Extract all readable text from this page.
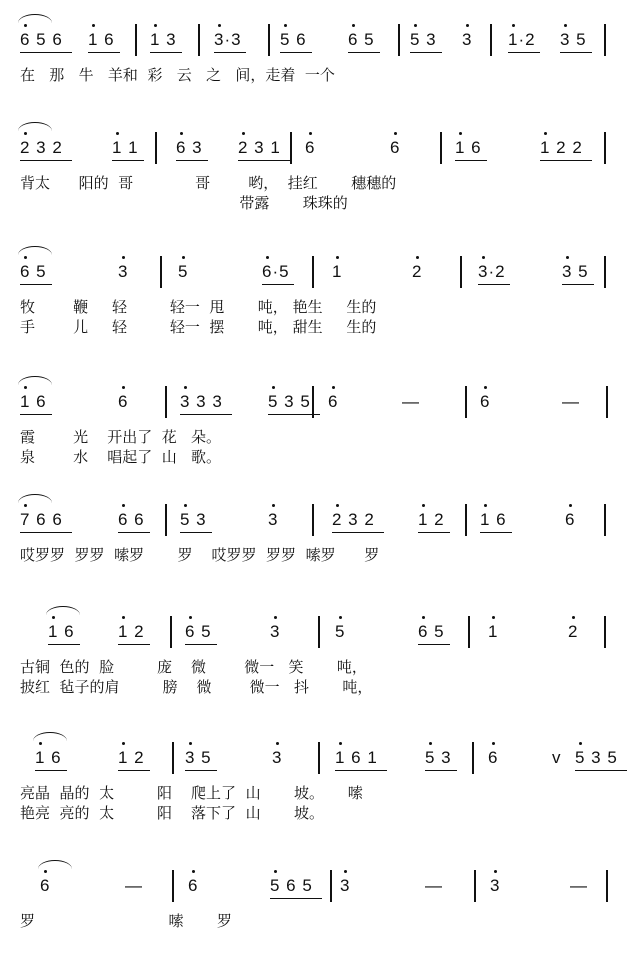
6 5 6 1 6 1 3 3·3 5 6 6 5 5 3 3 1·2 3 5
在   那   牛   羊和  彩   云   之   间，走着  一个
2 3 2	1 1 6 3 2 3 1 6	6	1 6	1 2 2
背太      阳的  哥             哥        哟，  挂红       穗穗的
带露       珠珠的
6 5	3	5	6·5 1	2	3·2	3 5
牧        鞭     轻         轻一  甩       吨， 艳生     生的
手        儿     轻         轻一  摆       吨， 甜生     生的
1 6	6	3 3 3	5 3 5 6	—	6	—
霞        光    开出了  花   朵。
泉        水    唱起了  山   歌。
7 6 6	6 6 5 3	3	2 3 2	1 2 1 6	6
哎罗罗  罗罗  嗦罗       罗    哎罗罗  罗罗  嗦罗      罗
1 6	1 2 6 5	3	5	6 5	1	2
古铜  色的  脸         庞    微        微一   笑       吨，
披红  毡子的肩         膀    微        微一   抖       吨，
1 6	1 2 3 5	3	1 6 1	5 3 6	v 5 3 5
亮晶  晶的  太         阳    爬上了  山       坡。     嗦
艳亮  亮的  太         阳    落下了  山       坡。
6	—	6	5 6 5 3	—	3	—
罗                            嗦       罗
